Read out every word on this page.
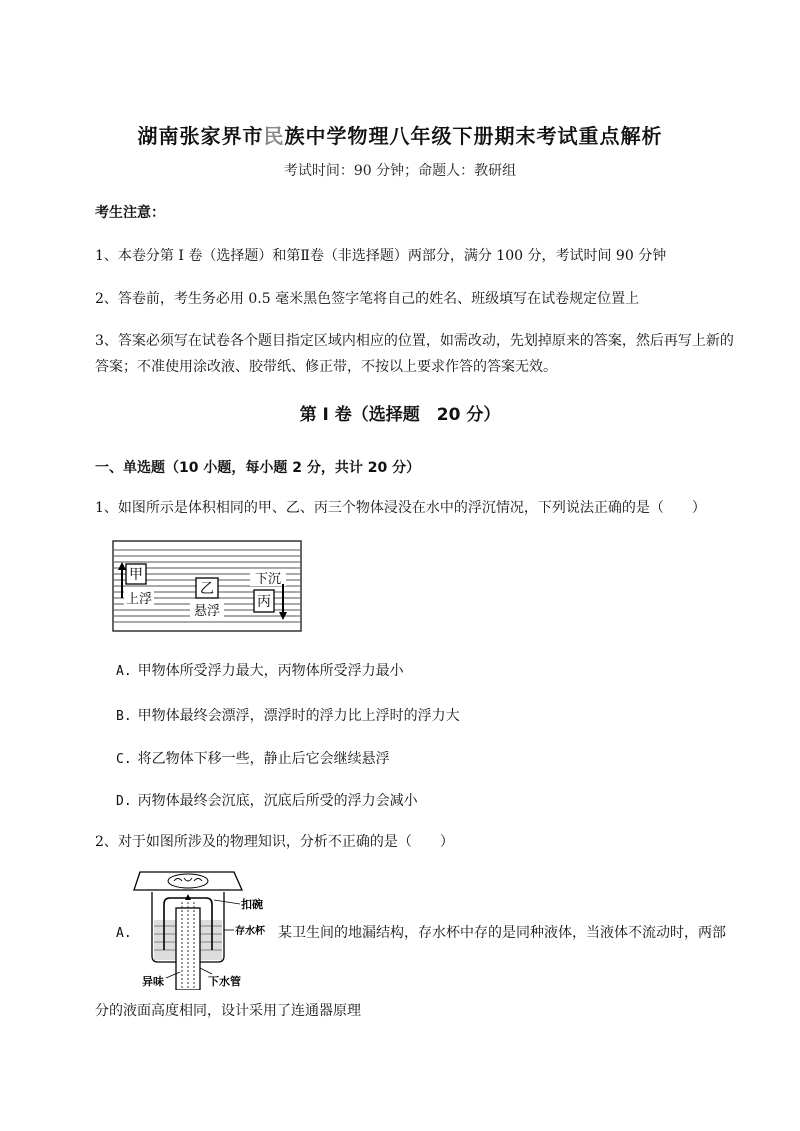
湖南张家界市民族中学物理八年级下册期末考试重点解析
考试时间：90 分钟；命题人：教研组
考生注意：
1、本卷分第 I 卷（选择题）和第Ⅱ卷（非选择题）两部分，满分 100 分，考试时间 90 分钟
2、答卷前，考生务必用 0.5 毫米黑色签字笔将自己的姓名、班级填写在试卷规定位置上
3、答案必须写在试卷各个题目指定区域内相应的位置，如需改动，先划掉原来的答案，然后再写上新的答案；不准使用涂改液、胶带纸、修正带，不按以上要求作答的答案无效。
第 I 卷（选择题　20 分）
一、单选题（10 小题，每小题 2 分，共计 20 分）
1、如图所示是体积相同的甲、乙、丙三个物体浸没在水中的浮沉情况，下列说法正确的是（　　）
甲
上浮
乙
悬浮
下沉
丙
A. 甲物体所受浮力最大，丙物体所受浮力最小
B. 甲物体最终会漂浮，漂浮时的浮力比上浮时的浮力大
C. 将乙物体下移一些，静止后它会继续悬浮
D. 丙物体最终会沉底，沉底后所受的浮力会减小
2、对于如图所涉及的物理知识，分析不正确的是（　　）
A.
扣碗
存水杯
异味	下水管
某卫生间的地漏结构，存水杯中存的是同种液体，当液体不流动时，两部
分的液面高度相同，设计采用了连通器原理
